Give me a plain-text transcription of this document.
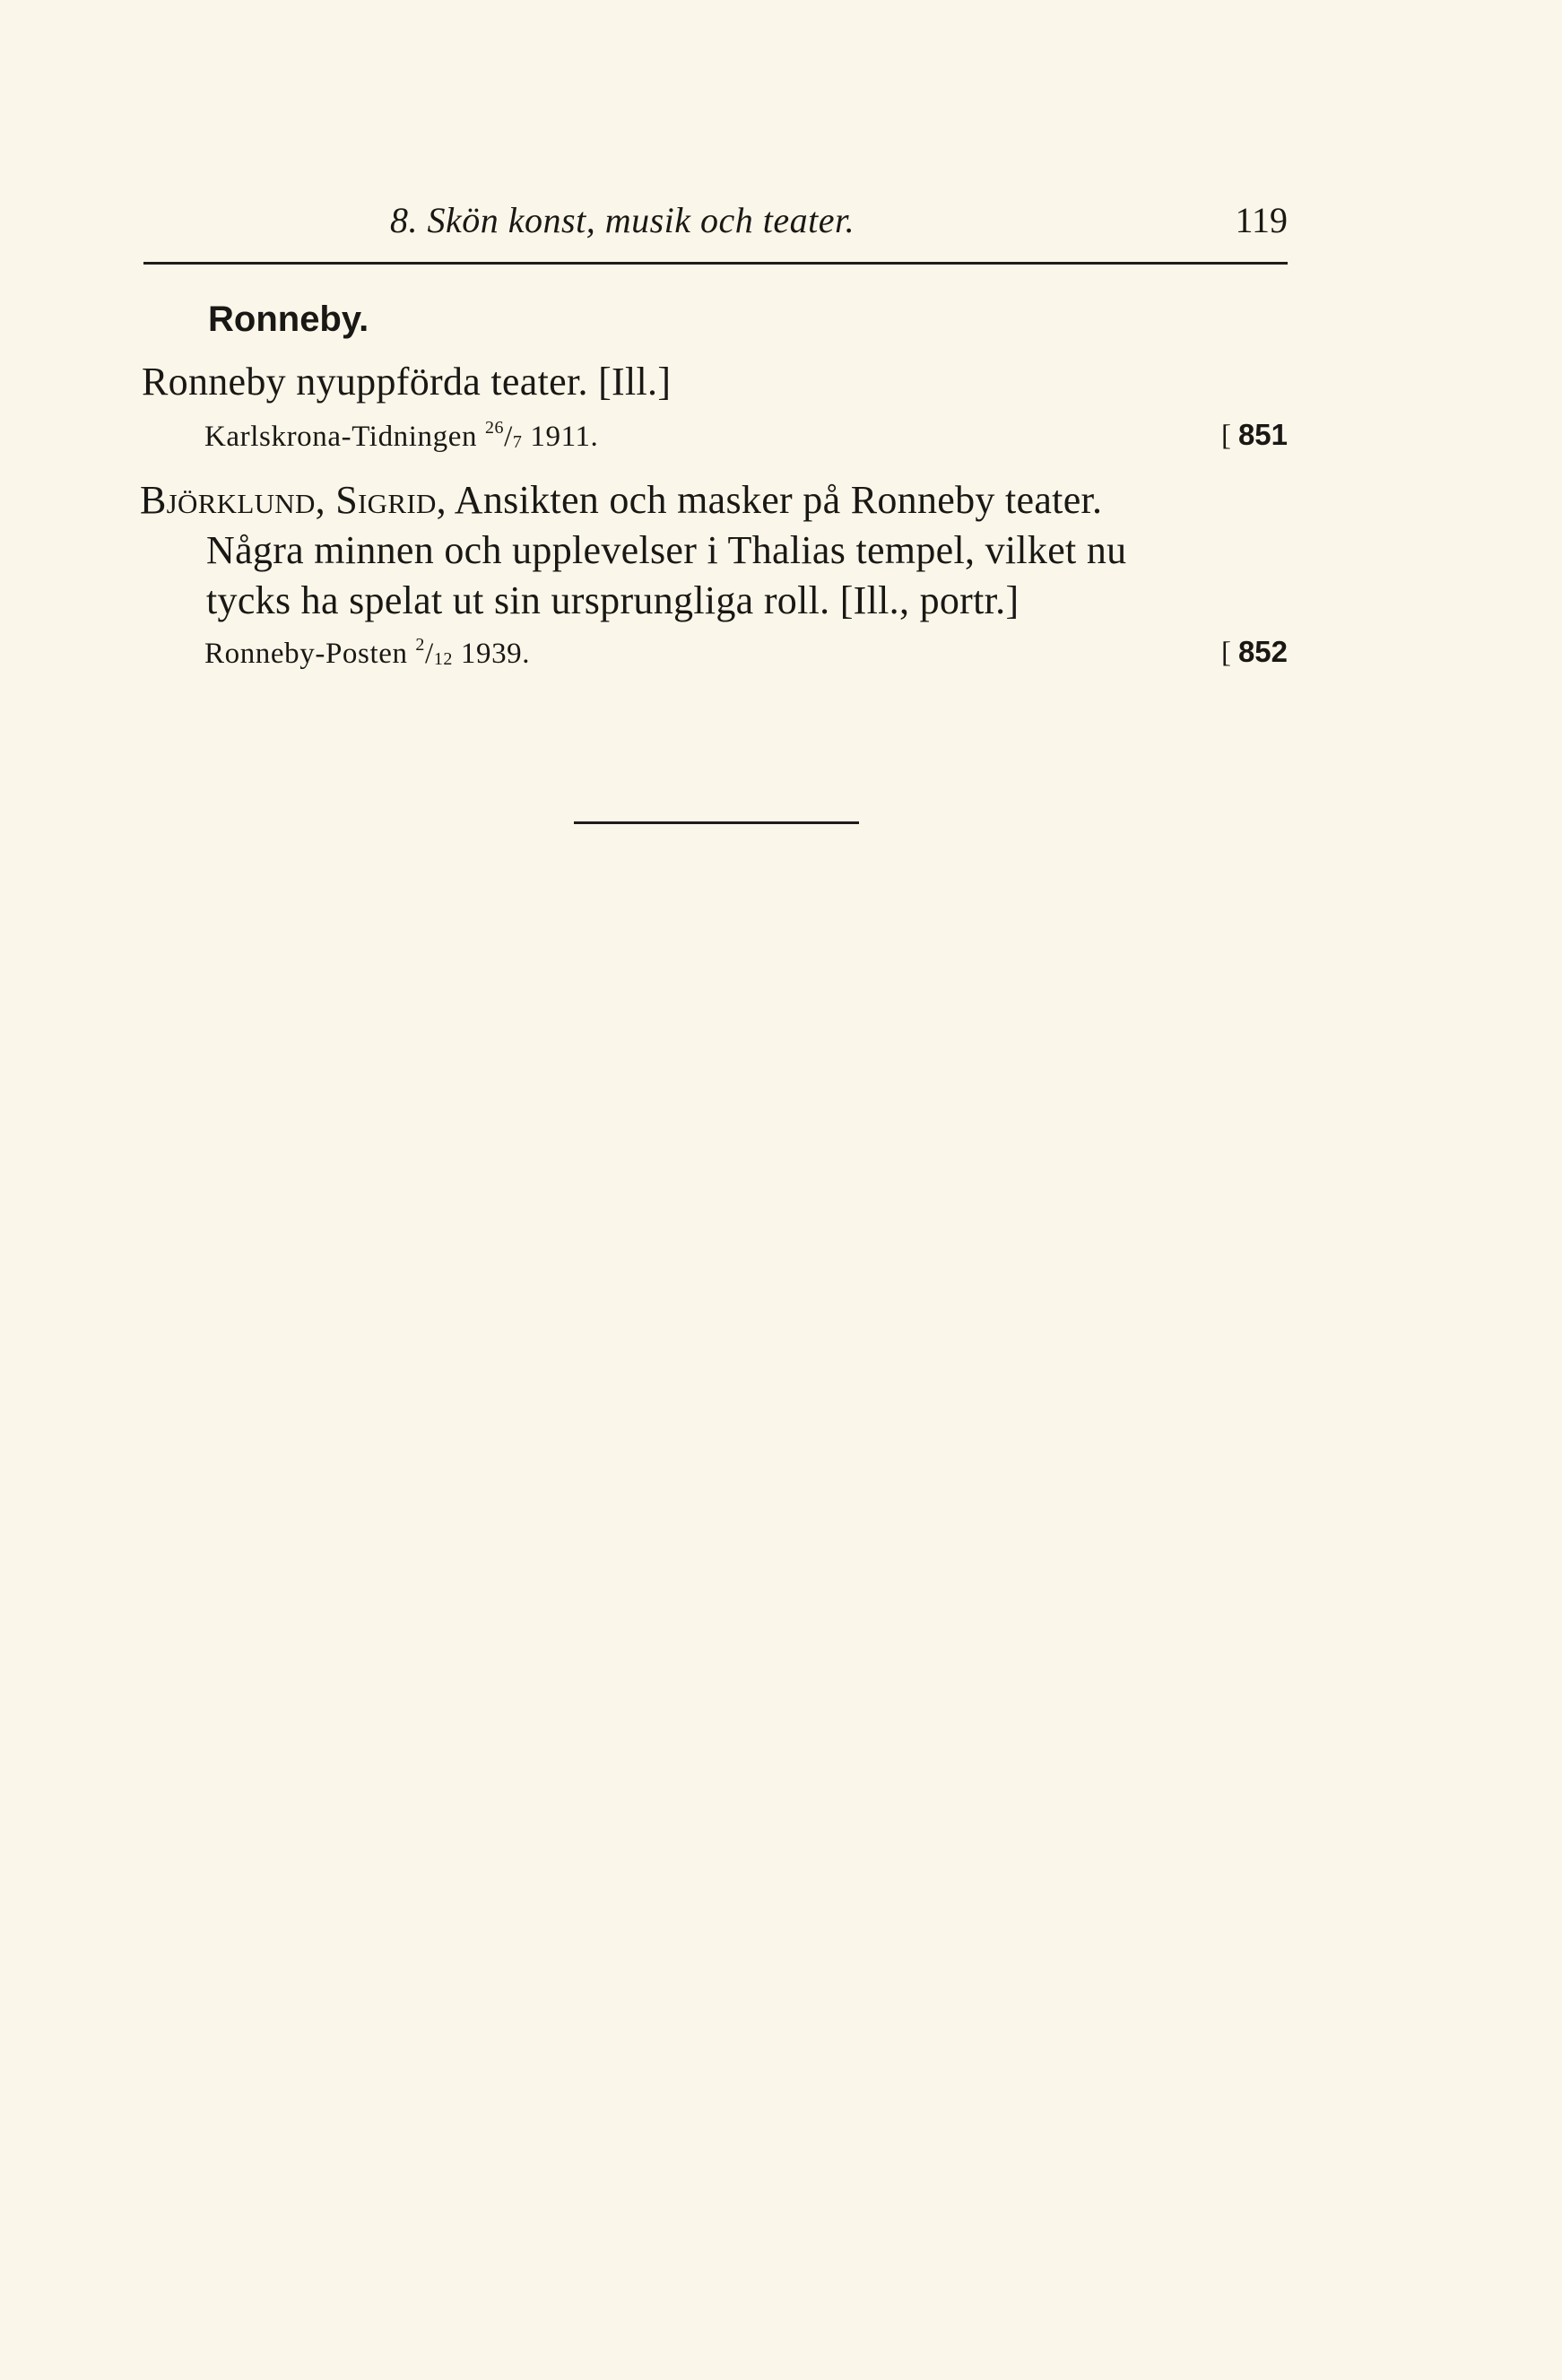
8. Skön konst, musik och teater.	119
Ronneby.
Ronneby nyuppförda teater. [Ill.]
Karlskrona-Tidningen $^{26}/_7$ 1911.	[ 851
Björklund, Sigrid, Ansikten och masker på Ronneby teater.
Några minnen och upplevelser i Thalias tempel, vilket nu
tycks ha spelat ut sin ursprungliga roll. [Ill., portr.]
Ronneby-Posten $^2/_{12}$ 1939.	[ 852
